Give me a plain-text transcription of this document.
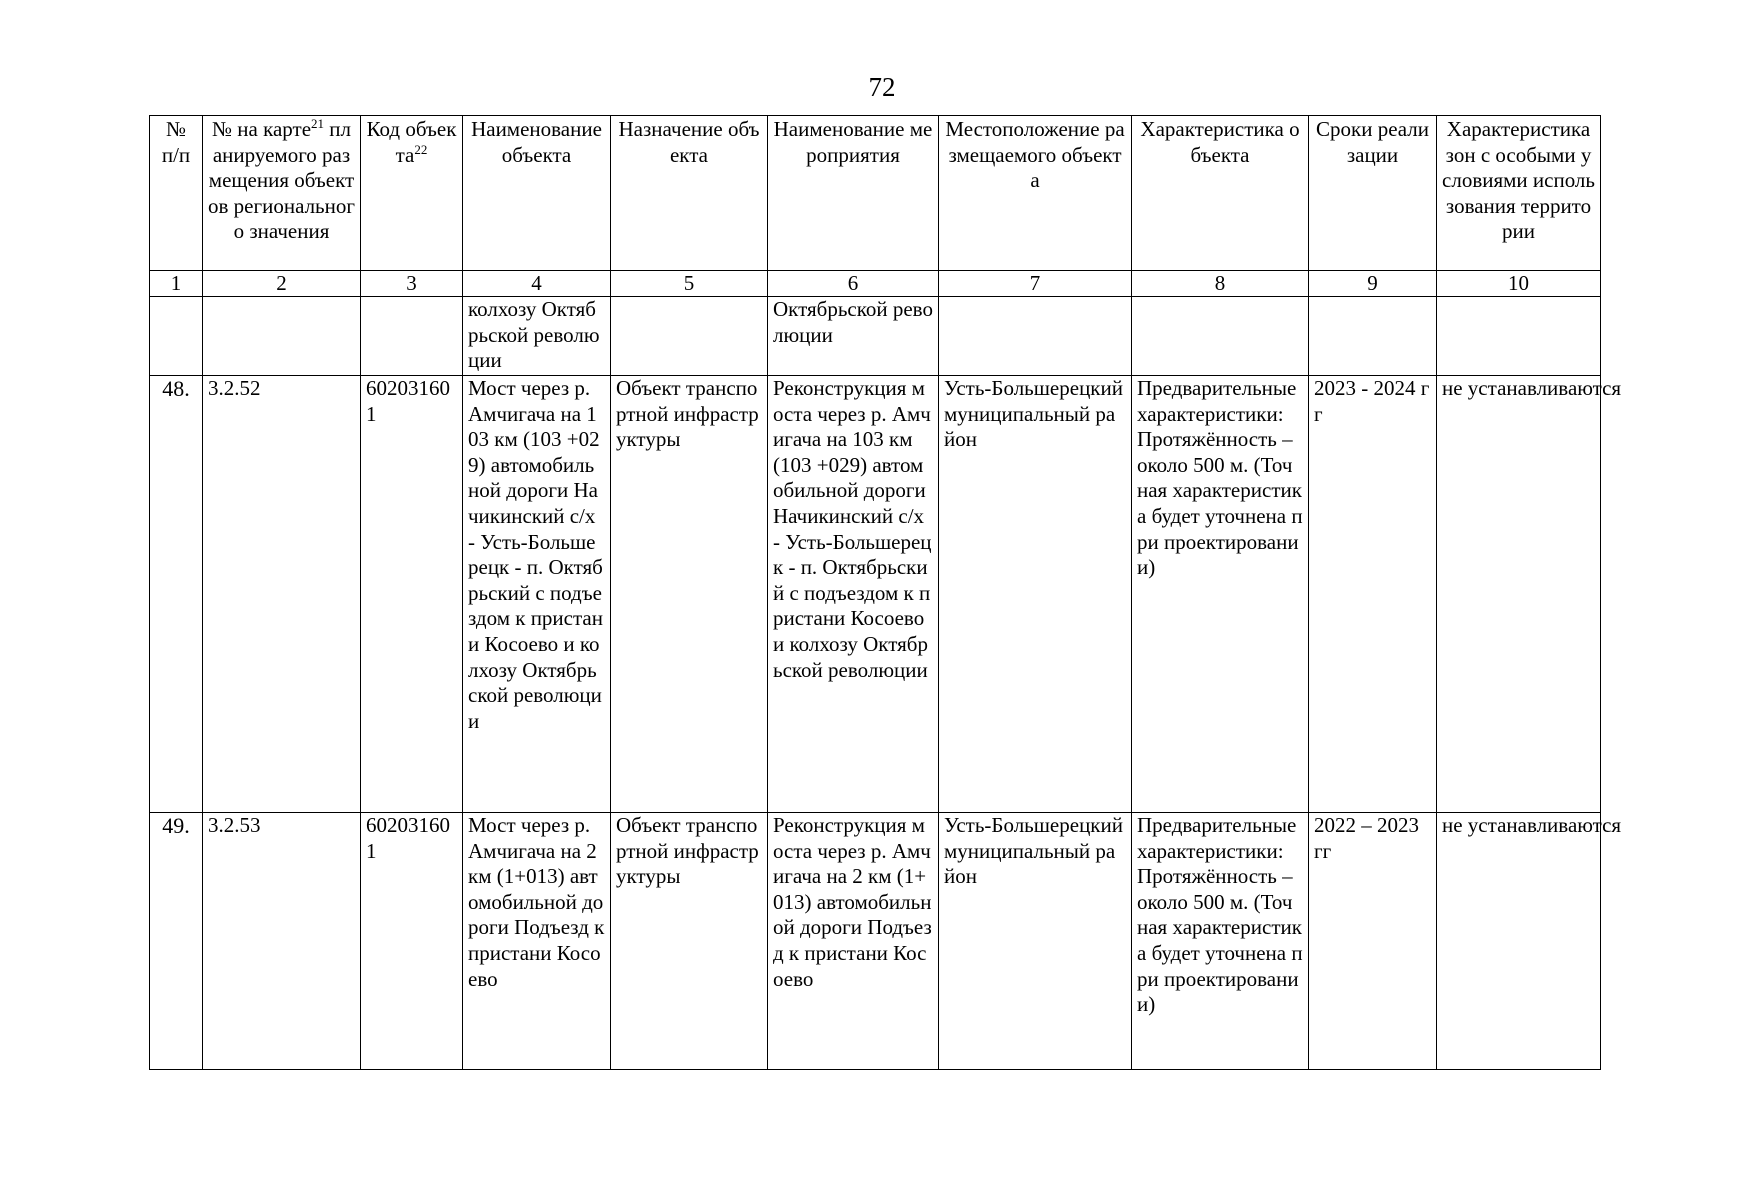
72
№ п/п	№ на карте$^{21}$ планируемого размещения объектов регионального значения	Код объекта$^{22}$	Наименование объекта	Назначение объекта	Наименование мероприятия	Местоположение размещаемого объекта	Характеристика объекта	Сроки реализации	Характеристика зон с особыми условиями использования территории
1	2	3	4	5	6	7	8	9	10
			колхозу Октябрьской революции		Октябрьской революции				
48.	3.2.52	602031601	Мост через р. Амчигача на 103 км (103 +029) автомобильной дороги Начикинский с/х - Усть-Большерецк - п. Октябрьский с подъездом к пристани Косоево и колхозу Октябрьской революции	Объект транспортной инфраструктуры	Реконструкция моста через р. Амчигача на 103 км (103 +029) автомобильной дороги Начикинский с/х - Усть-Большерецк - п. Октябрьский с подъездом к пристани Косоево и колхозу Октябрьской революции	Усть-Большерецкий муниципальный район	Предварительные характеристики: Протяжённость – около 500 м. (Точная характеристика будет уточнена при проектировании)	2023 - 2024 гг	не устанавливаются
49.	3.2.53	602031601	Мост через р. Амчигача на 2 км (1+013) автомобильной дороги Подъезд к пристани Косоево	Объект транспортной инфраструктуры	Реконструкция моста через р. Амчигача на 2 км (1+013) автомобильной дороги Подъезд к пристани Косоево	Усть-Большерецкий муниципальный район	Предварительные характеристики: Протяжённость – около 500 м. (Точная характеристика будет уточнена при проектировании)	2022 – 2023 гг	не устанавливаются
